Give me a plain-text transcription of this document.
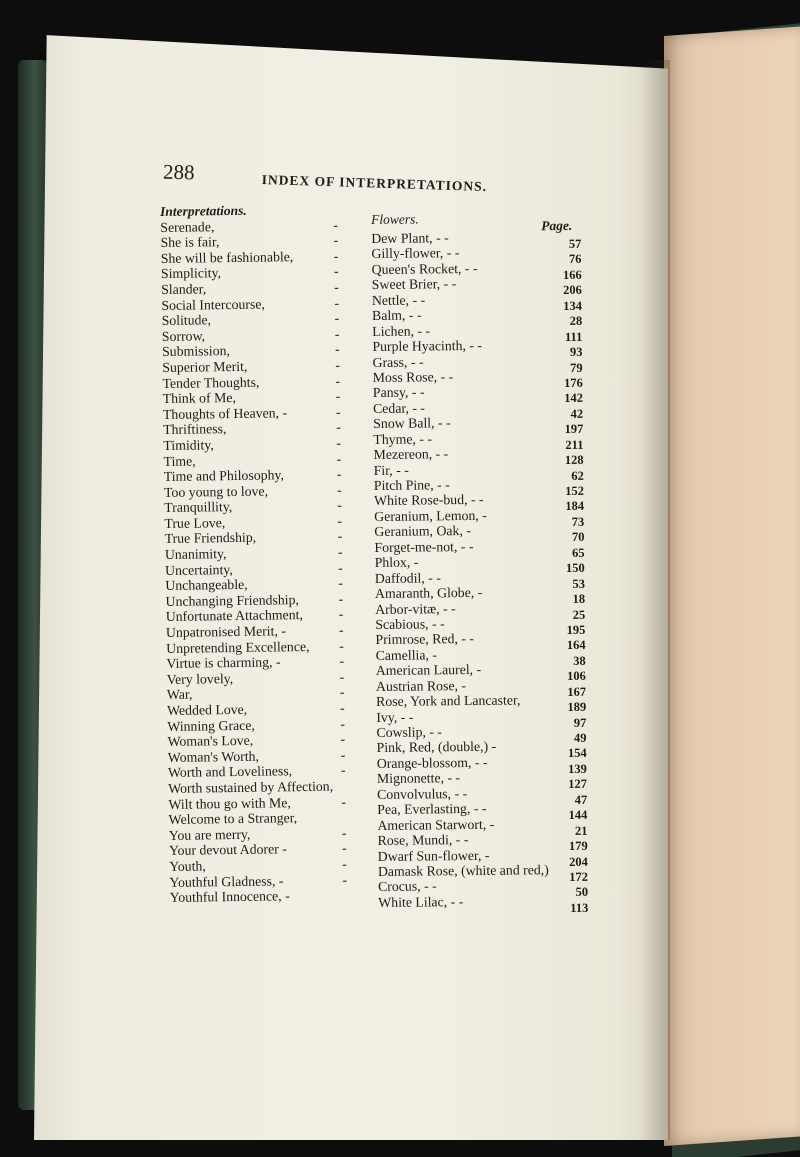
288	INDEX OF INTERPRETATIONS.
Interpretations.
Serenade,	-
She is fair,	-
She will be fashionable,	-
Simplicity,	-
Slander,	-
Social Intercourse,	-
Solitude,	-
Sorrow,	-
Submission,	-
Superior Merit,	-
Tender Thoughts,	-
Think of Me,	-
Thoughts of Heaven, -	-
Thriftiness,	-
Timidity,	-
Time,	-
Time and Philosophy,	-
Too young to love,	-
Tranquillity,	-
True Love,	-
True Friendship,	-
Unanimity,	-
Uncertainty,	-
Unchangeable,	-
Unchanging Friendship,	-
Unfortunate Attachment,	-
Unpatronised Merit, -	-
Unpretending Excellence, -
Virtue is charming, -	-
Very lovely,	-
War,	-
Wedded Love,	-
Winning Grace,	-
Woman's Love,	-
Woman's Worth,	-
Worth and Loveliness,	-
Worth sustained by Affection,
Wilt thou go with Me,	-
Welcome to a Stranger,
You are merry,	-
Your devout Adorer -	-
Youth,	-
Youthful Gladness, -	-
Youthful Innocence, -
Flowers.	Page.
Dew Plant, - -	57
Gilly-flower, - -	76
Queen's Rocket, - -	166
Sweet Brier, - -	206
Nettle, - -	134
Balm, - -	28
Lichen, - -	111
Purple Hyacinth, - -	93
Grass, - -	79
Moss Rose, - -	176
Pansy, - -	142
Cedar, - -	42
Snow Ball, - -	197
Thyme, - -	211
Mezereon, - -	128
Fir, - -	62
Pitch Pine, - -	152
White Rose-bud, - -	184
Geranium, Lemon, -	73
Geranium, Oak, -	70
Forget-me-not, - -	65
Phlox, -	150
Daffodil, - -	53
Amaranth, Globe, -	18
Arbor-vitæ, - -	25
Scabious, - -	195
Primrose, Red, - -	164
Camellia, -	38
American Laurel, -	106
Austrian Rose, -	167
Rose, York and Lancaster,	189
Ivy, - -	97
Cowslip, - -	49
Pink, Red, (double,) -	154
Orange-blossom, - -	139
Mignonette, - -	127
Convolvulus, - -	47
Pea, Everlasting, - -	144
American Starwort, -	21
Rose, Mundi, - -	179
Dwarf Sun-flower, -	204
Damask Rose, (white and red,) 172
Crocus, - -	50
White Lilac, - -	113
